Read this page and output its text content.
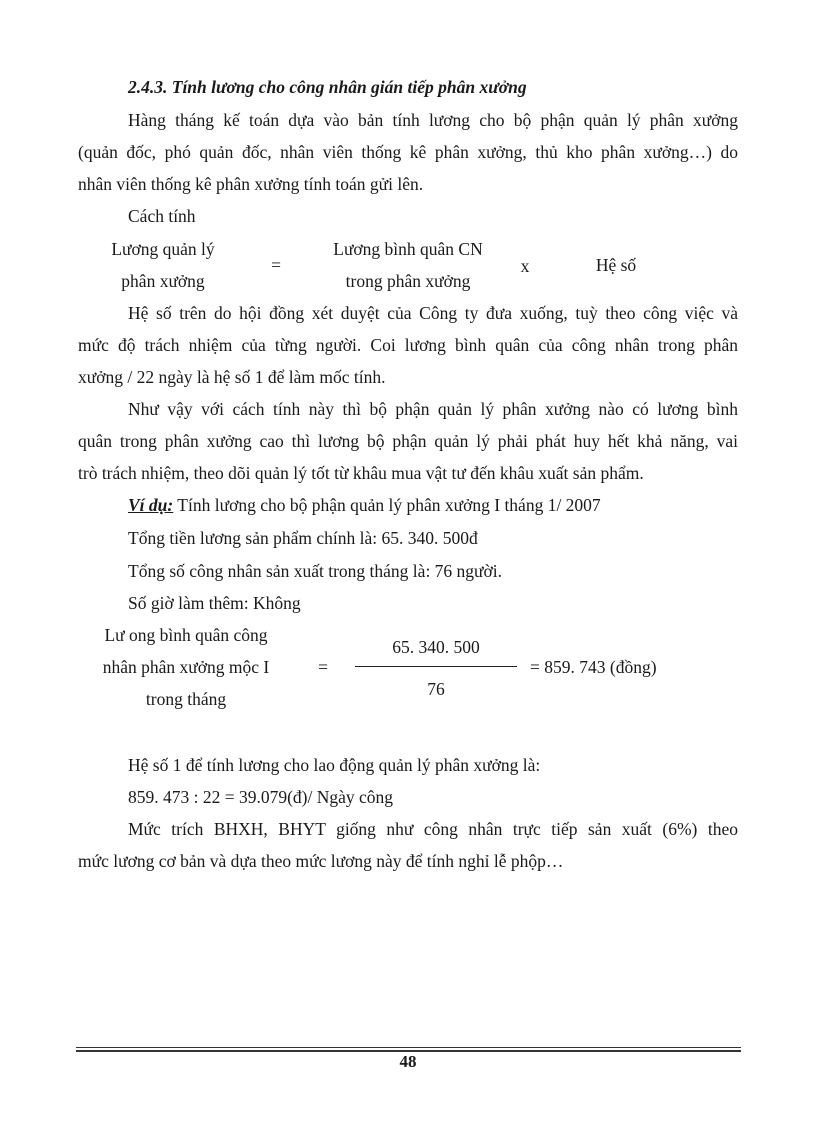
2.4.3. Tính lương cho công nhân gián tiếp phân xưởng
Hàng tháng kế toán dựa vào bản tính lương cho bộ phận quản lý phân xưởng
(quản đốc, phó quản đốc, nhân viên thống kê phân xưởng, thủ kho phân xưởng…) do
nhân viên thống kê phân xưởng tính toán gửi lên.
Cách tính
Lương quản lý
phân xưởng
=
Lương bình quân CN
trong phân xưởng
x	Hệ số
Hệ số trên do hội đồng xét duyệt của Công ty đưa xuống, tuỳ theo công việc và
mức độ trách nhiệm của từng người. Coi lương bình quân của công nhân trong phân
xưởng / 22 ngày là hệ số 1 để làm mốc tính.
Như vậy với cách tính này thì bộ phận quản lý phân xưởng nào có lương bình
quân trong phân xưởng cao thì lương bộ phận quản lý phải phát huy hết khả năng, vai
trò trách nhiệm, theo dõi quản lý tốt từ khâu mua vật tư đến khâu xuất sản phẩm.
Ví dụ: Tính lương cho bộ phận quản lý phân xưởng I tháng 1/ 2007
Tổng tiền lương sản phẩm chính là: 65. 340. 500đ
Tổng số công nhân sản xuất trong tháng là: 76 người.
Số giờ làm thêm: Không
Lư ong bình quân công
nhân phân xưởng mộc I
trong tháng
=
65. 340. 500
76
= 859. 743 (đồng)
Hệ số 1 để tính lương cho lao động quản lý phân xưởng là:
859. 473 : 22 = 39.079(đ)/ Ngày công
Mức trích BHXH, BHYT giống như công nhân trực tiếp sản xuất (6%) theo
mức lương cơ bản và dựa theo mức lương này để tính nghỉ lễ phộp…
48
